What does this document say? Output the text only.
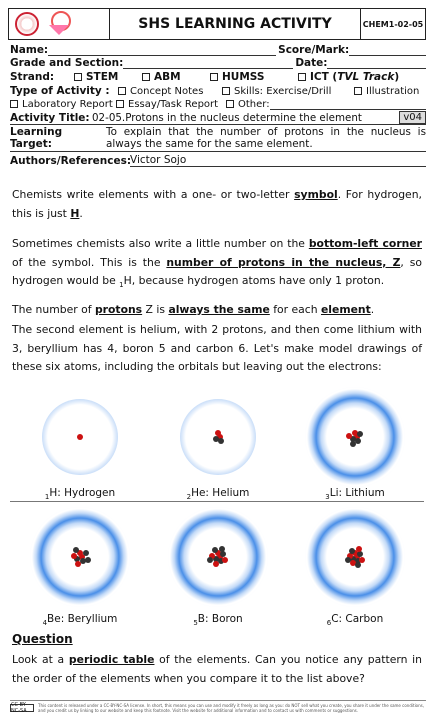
SHS LEARNING ACTIVITY	CHEM1-02-05
Name:	Score/Mark:
Grade and Section:	Date:
Strand:	STEM	ABM	HUMSS	ICT (TVL Track)
Type of Activity :	Concept Notes	Skills: Exercise/Drill	Illustration
Laboratory Report	Essay/Task Report	Other:
Activity Title: 02-05.Protons in the nucleus determine the element	v04
Learning Target:
To explain that the number of protons in the nucleus is always the same for the same element.
Authors/References:
Victor Sojo
Chemists write elements with a one- or two-letter symbol. For hydrogen, this is just H.
Sometimes chemists also write a little number on the bottom-left corner of the symbol. This is the number of protons in the nucleus, Z, so hydrogen would be $_1$H, because hydrogen atoms have only 1 proton.
The number of protons Z is always the same for each element.
The second element is helium, with 2 protons, and then come lithium with 3, beryllium has 4, boron 5 and carbon 6. Let's make model drawings of these six atoms, including the orbitals but leaving out the electrons:
$_1$H: Hydrogen	$_2$He: Helium	$_3$Li: Lithium
$_4$Be: Beryllium	$_5$B: Boron	$_6$C: Carbon
Question
Look at a periodic table of the elements. Can you notice any pattern in the order of the elements when you compare it to the list above?
CC BY-NC-SA
This content is released under a CC-BY-NC-SA license. In short, this means you can use and modify it freely as long as you: do NOT sell what you create, you share it under the same conditions, and you credit us by linking to our website and keep this footnote. Visit the website for additional information and to contact us with comments or suggestions.
